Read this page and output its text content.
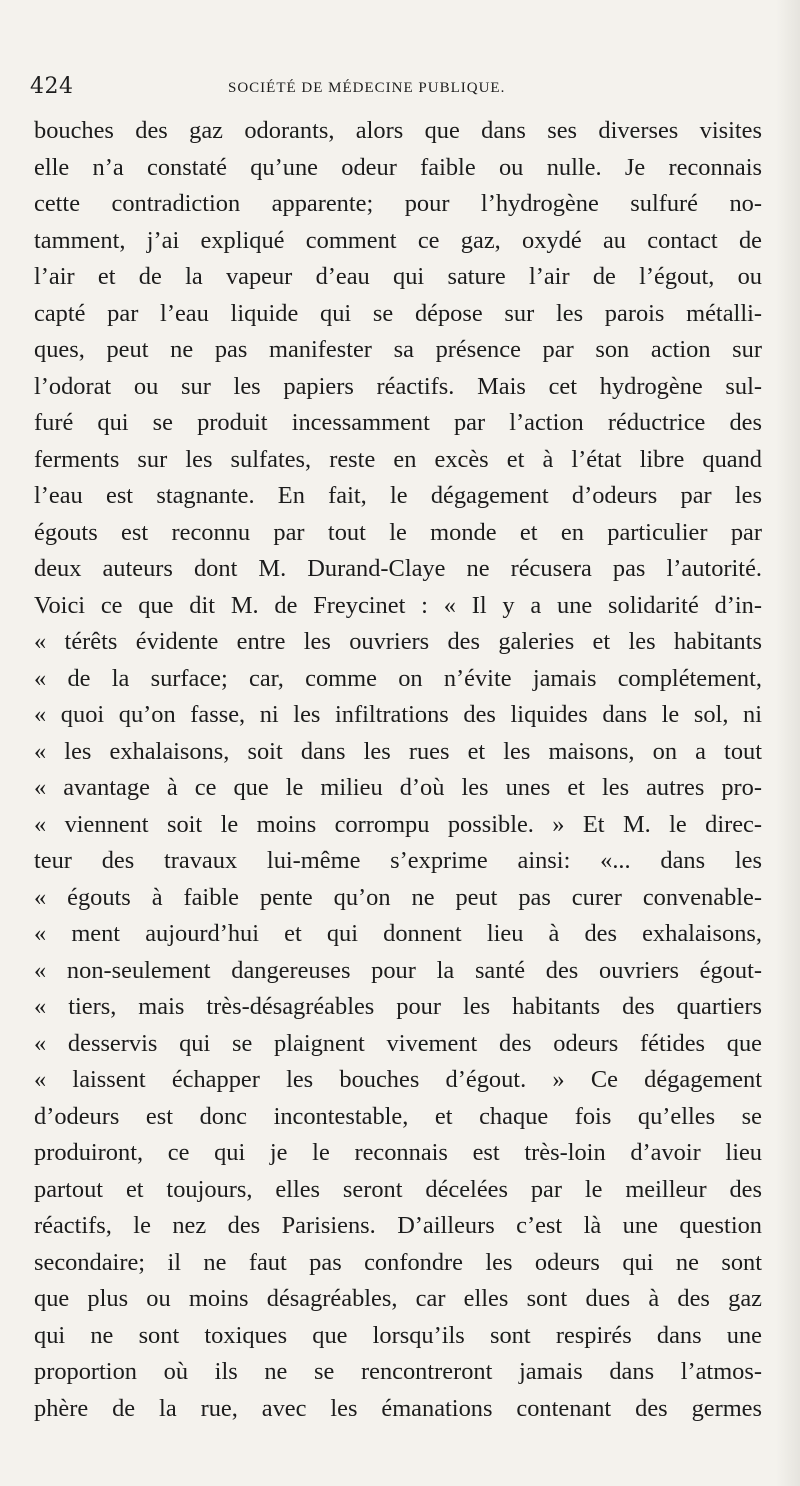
424	SOCIÉTÉ DE MÉDECINE PUBLIQUE.
bouches des gaz odorants, alors que dans ses diverses visites
elle n’a constaté qu’une odeur faible ou nulle. Je reconnais
cette contradiction apparente; pour l’hydrogène sulfuré no-
tamment, j’ai expliqué comment ce gaz, oxydé au contact de
l’air et de la vapeur d’eau qui sature l’air de l’égout, ou
capté par l’eau liquide qui se dépose sur les parois métalli-
ques, peut ne pas manifester sa présence par son action sur
l’odorat ou sur les papiers réactifs. Mais cet hydrogène sul-
furé qui se produit incessamment par l’action réductrice des
ferments sur les sulfates, reste en excès et à l’état libre quand
l’eau est stagnante. En fait, le dégagement d’odeurs par les
égouts est reconnu par tout le monde et en particulier par
deux auteurs dont M. Durand-Claye ne récusera pas l’autorité.
Voici ce que dit M. de Freycinet : « Il y a une solidarité d’in-
« térêts évidente entre les ouvriers des galeries et les habitants
« de la surface; car, comme on n’évite jamais complétement,
« quoi qu’on fasse, ni les infiltrations des liquides dans le sol, ni
« les exhalaisons, soit dans les rues et les maisons, on a tout
« avantage à ce que le milieu d’où les unes et les autres pro-
« viennent soit le moins corrompu possible. » Et M. le direc-
teur des travaux lui-même s’exprime ainsi: «... dans les
« égouts à faible pente qu’on ne peut pas curer convenable-
« ment aujourd’hui et qui donnent lieu à des exhalaisons,
« non-seulement dangereuses pour la santé des ouvriers égout-
« tiers, mais très-désagréables pour les habitants des quartiers
« desservis qui se plaignent vivement des odeurs fétides que
« laissent échapper les bouches d’égout. » Ce dégagement
d’odeurs est donc incontestable, et chaque fois qu’elles se
produiront, ce qui je le reconnais est très-loin d’avoir lieu
partout et toujours, elles seront décelées par le meilleur des
réactifs, le nez des Parisiens. D’ailleurs c’est là une question
secondaire; il ne faut pas confondre les odeurs qui ne sont
que plus ou moins désagréables, car elles sont dues à des gaz
qui ne sont toxiques que lorsqu’ils sont respirés dans une
proportion où ils ne se rencontreront jamais dans l’atmos-
phère de la rue, avec les émanations contenant des germes
